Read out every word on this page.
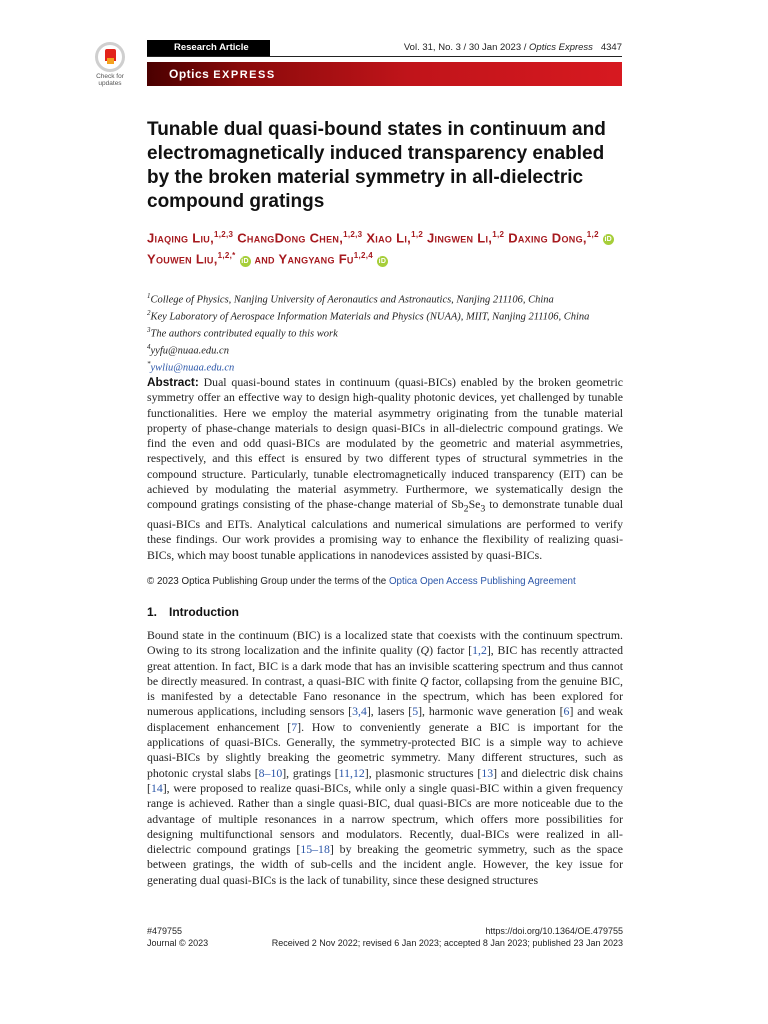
Check for
updates
Research Article	Vol. 31, No. 3 / 30 Jan 2023 / Optics Express 4347
Optics EXPRESS
Tunable dual quasi-bound states in continuum and electromagnetically induced transparency enabled by the broken material symmetry in all-dielectric compound gratings
Jiaqing Liu,$^{1,2,3}$ ChangDong Chen,$^{1,2,3}$ Xiao Li,$^{1,2}$ Jingwen Li,$^{1,2}$ Daxing Dong,$^{1,2}$ iD Youwen Liu,$^{1,2,*}$ iD and Yangyang Fu$^{1,2,4}$ iD
$^1$College of Physics, Nanjing University of Aeronautics and Astronautics, Nanjing 211106, China
$^2$Key Laboratory of Aerospace Information Materials and Physics (NUAA), MIIT, Nanjing 211106, China
$^3$The authors contributed equally to this work
$^4$yyfu@nuaa.edu.cn
*ywliu@nuaa.edu.cn

Abstract: Dual quasi-bound states in continuum (quasi-BICs) enabled by the broken geometric symmetry offer an effective way to design high-quality photonic devices, yet challenged by tunable functionalities. Here we employ the material asymmetry originating from the tunable material property of phase-change materials to design quasi-BICs in all-dielectric compound gratings. We find the even and odd quasi-BICs are modulated by the geometric and material asymmetries, respectively, and this effect is ensured by two different types of structural symmetries in the compound structure. Particularly, tunable electromagnetically induced transparency (EIT) can be achieved by modulating the material asymmetry. Furthermore, we systematically design the compound gratings consisting of the phase-change material of $Sb_2Se_3$ to demonstrate tunable dual quasi-BICs and EITs. Analytical calculations and numerical simulations are performed to verify these findings. Our work provides a promising way to enhance the flexibility of realizing quasi-BICs, which may boost tunable applications in nanodevices assisted by quasi-BICs.

© 2023 Optica Publishing Group under the terms of the Optica Open Access Publishing Agreement
1. Introduction

Bound state in the continuum (BIC) is a localized state that coexists with the continuum spectrum. Owing to its strong localization and the infinite quality (Q) factor [1,2], BIC has recently attracted great attention. In fact, BIC is a dark mode that has an invisible scattering spectrum and thus cannot be directly measured. In contrast, a quasi-BIC with finite Q factor, collapsing from the genuine BIC, is manifested by a detectable Fano resonance in the spectrum, which has been explored for numerous applications, including sensors [3,4], lasers [5], harmonic wave generation [6] and weak displacement enhancement [7]. How to conveniently generate a BIC is important for the applications of quasi-BICs. Generally, the symmetry-protected BIC is a simple way to achieve quasi-BICs by slightly breaking the geometric symmetry. Many different structures, such as photonic crystal slabs [8–10], gratings [11,12], plasmonic structures [13] and dielectric disk chains [14], were proposed to realize quasi-BICs, while only a single quasi-BIC within a given frequency range is achieved. Rather than a single quasi-BIC, dual quasi-BICs are more noticeable due to the advantage of multiple resonances in a narrow spectrum, which offers more possibilities for designing multifunctional sensors and modulators. Recently, dual-BICs were realized in all-dielectric compound gratings [15–18] by breaking the geometric symmetry, such as the space between gratings, the width of sub-cells and the incident angle. However, the key issue for generating dual quasi-BICs is the lack of tunability, since these designed structures

#479755	https://doi.org/10.1364/OE.479755
Journal © 2023	Received 2 Nov 2022; revised 6 Jan 2023; accepted 8 Jan 2023; published 23 Jan 2023
